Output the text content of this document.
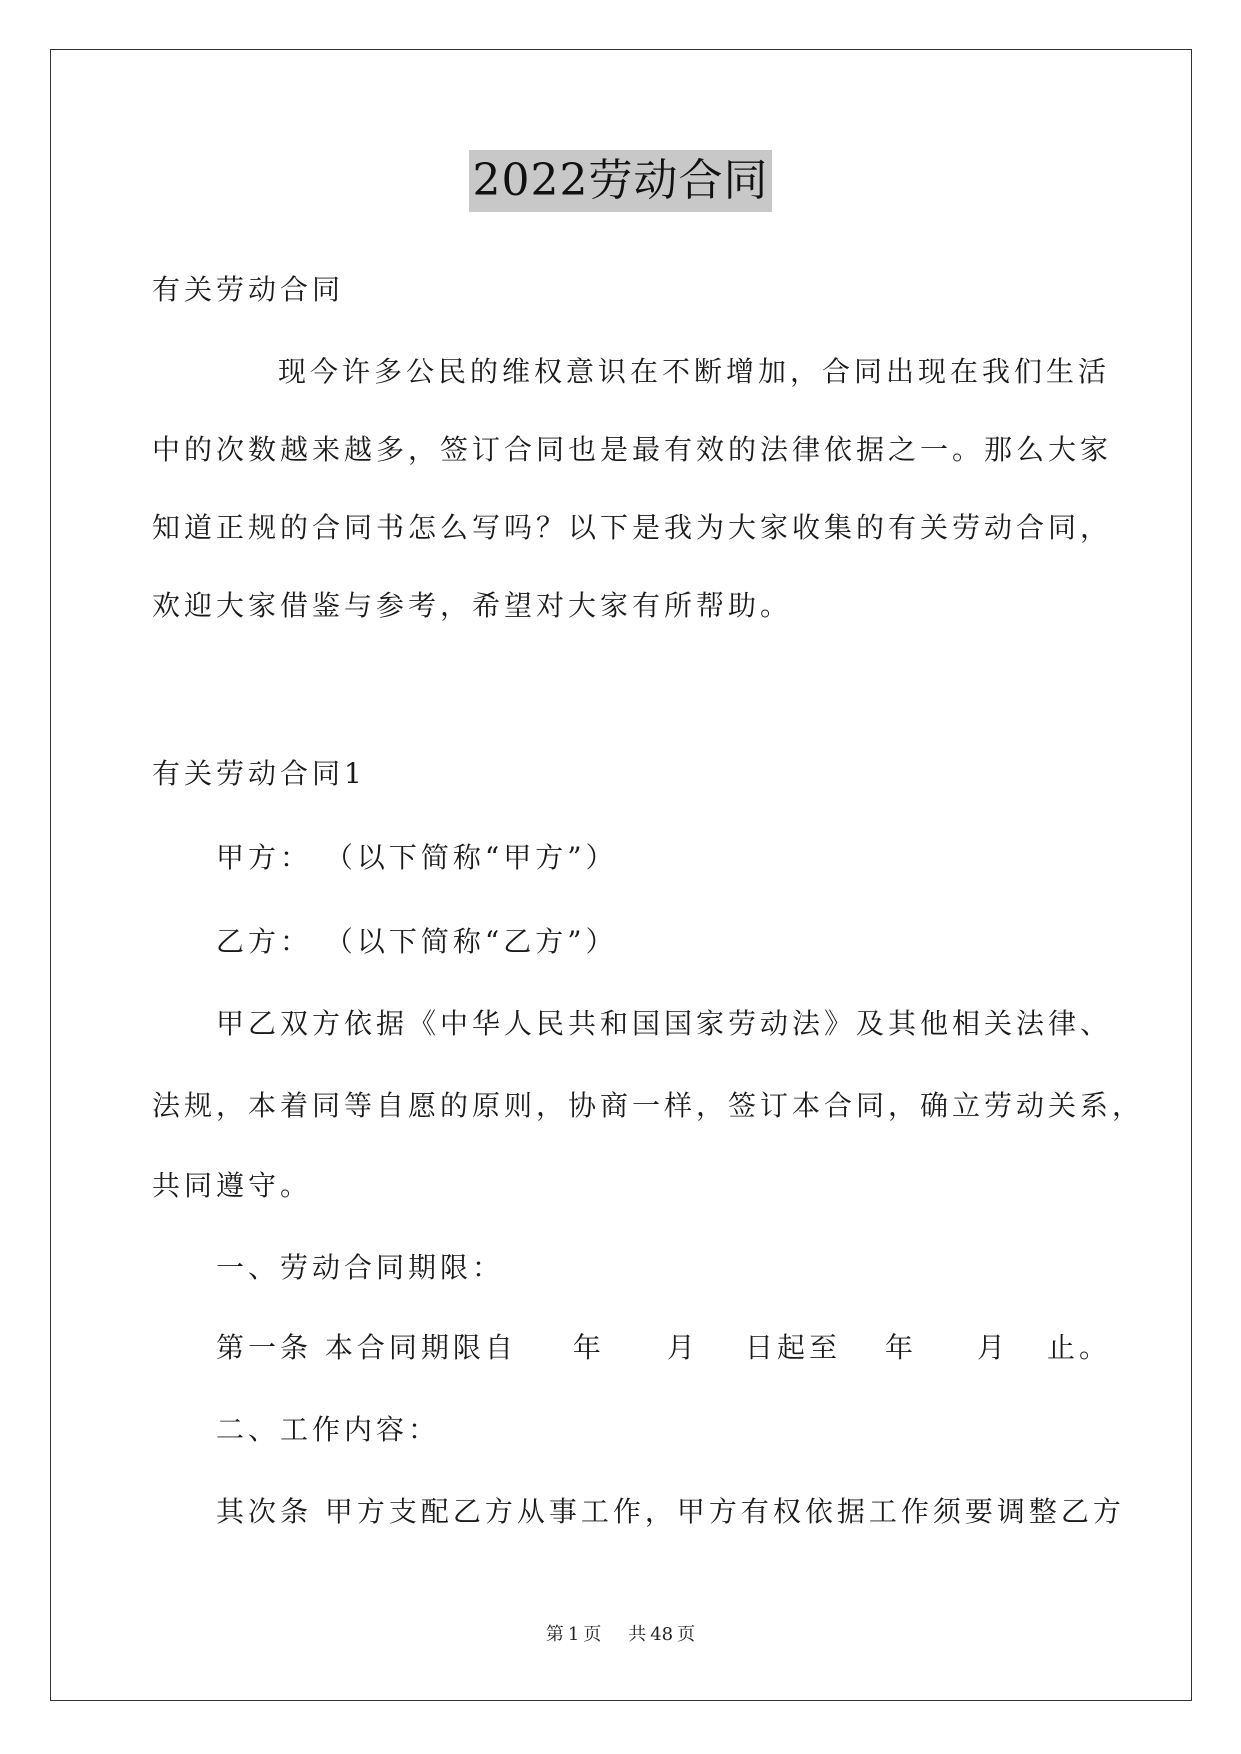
2022劳动合同
有关劳动合同
现今许多公民的维权意识在不断增加，合同出现在我们生活
中的次数越来越多，签订合同也是最有效的法律依据之一。那么大家
知道正规的合同书怎么写吗？以下是我为大家收集的有关劳动合同，
欢迎大家借鉴与参考，希望对大家有所帮助。
有关劳动合同1
甲方： （以下简称“甲方”）
乙方： （以下简称“乙方”）
甲乙双方依据《中华人民共和国国家劳动法》及其他相关法律、
法规，本着同等自愿的原则，协商一样，签订本合同，确立劳动关系，
共同遵守。
一、劳动合同期限：
第一条 本合同期限自 年 月 日起至 年 月 止。
二、工作内容：
其次条 甲方支配乙方从事工作，甲方有权依据工作须要调整乙方
第 1 页 共 48 页
